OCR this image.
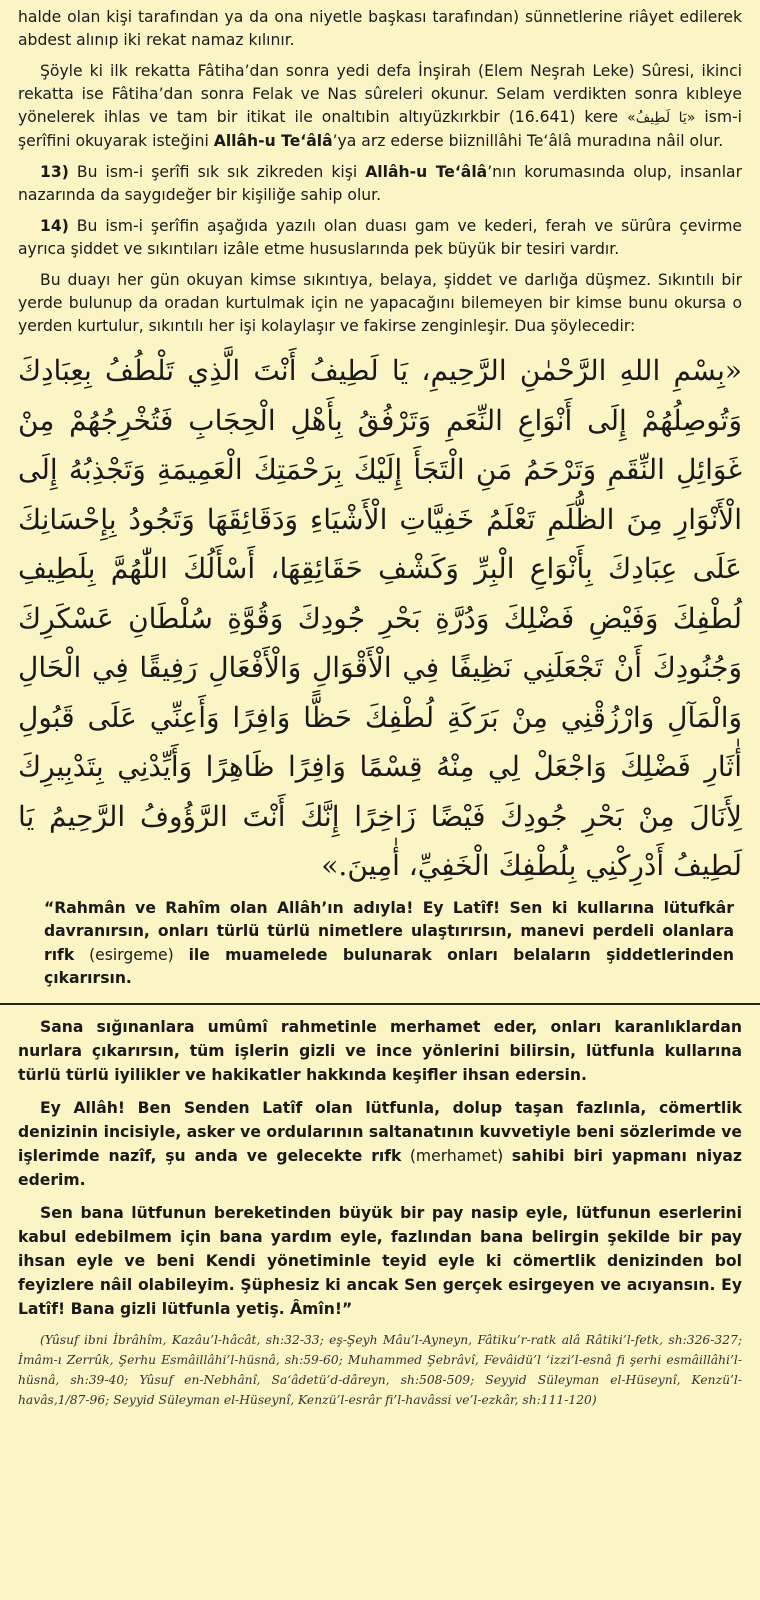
halde olan kişi tarafından ya da ona niyetle başkası tarafından) sünnetlerine riâyet edilerek abdest alınıp iki rekat namaz kılınır.

Şöyle ki ilk rekatta Fâtiha’dan sonra yedi defa İnşirah (Elem Neşrah Leke) Sûresi, ikinci rekatta ise Fâtiha’dan sonra Felak ve Nas sûreleri okunur. Selam verdikten sonra kıbleye yönelerek ihlas ve tam bir itikat ile onaltıbin altıyüzkırkbir (16.641) kere «يَا لَطِيفُ» ism-i şerîfini okuyarak isteğini Allâh-u Te‘âlâ’ya arz ederse biiznillâhi Te‘âlâ muradına nâil olur.

13) Bu ism-i şerîfi sık sık zikreden kişi Allâh-u Te‘âlâ’nın korumasında olup, insanlar nazarında da saygıdeğer bir kişiliğe sahip olur.

14) Bu ism-i şerîfin aşağıda yazılı olan duası gam ve kederi, ferah ve sürûra çevirme ayrıca şiddet ve sıkıntıları izâle etme hususlarında pek büyük bir tesiri vardır.

Bu duayı her gün okuyan kimse sıkıntıya, belaya, şiddet ve darlığa düşmez. Sıkıntılı bir yerde bulunup da oradan kurtulmak için ne yapacağını bilemeyen bir kimse bunu okursa o yerden kurtulur, sıkıntılı her işi kolaylaşır ve fakirse zenginleşir. Dua şöylecedir:

«بِسْمِ اللهِ الرَّحْمٰنِ الرَّحِيمِ، يَا لَطِيفُ أَنْتَ الَّذِي تَلْطُفُ بِعِبَادِكَ وَتُوصِلُهُمْ إِلَى أَنْوَاعِ النِّعَمِ وَتَرْفُقُ بِأَهْلِ الْحِجَابِ فَتُخْرِجُهُمْ مِنْ غَوَائِلِ النِّقَمِ وَتَرْحَمُ مَنِ الْتَجَأَ إِلَيْكَ بِرَحْمَتِكَ الْعَمِيمَةِ وَتَجْذِبُهُ إِلَى الْأَنْوَارِ مِنَ الظُّلَمِ تَعْلَمُ خَفِيَّاتِ الْأَشْيَاءِ وَدَقَائِقَهَا وَتَجُودُ بِإِحْسَانِكَ عَلَى عِبَادِكَ بِأَنْوَاعِ الْبِرِّ وَكَشْفِ حَقَائِقِهَا، أَسْأَلُكَ اللّٰهُمَّ بِلَطِيفِ لُطْفِكَ وَفَيْضِ فَضْلِكَ وَدُرَّةِ بَحْرِ جُودِكَ وَقُوَّةِ سُلْطَانِ عَسْكَرِكَ وَجُنُودِكَ أَنْ تَجْعَلَنِي نَظِيفًا فِي الْأَقْوَالِ وَالْأَفْعَالِ رَفِيقًا فِي الْحَالِ وَالْمَآلِ وَارْزُقْنِي مِنْ بَرَكَةِ لُطْفِكَ حَظًّا وَافِرًا وَأَعِنِّي عَلَى قَبُولِ أٰثَارِ فَضْلِكَ وَاجْعَلْ لِي مِنْهُ قِسْمًا وَافِرًا ظَاهِرًا وَأَيِّدْنِي بِتَدْبِيرِكَ لِأَنَالَ مِنْ بَحْرِ جُودِكَ فَيْضًا زَاخِرًا إِنَّكَ أَنْتَ الرَّؤُوفُ الرَّحِيمُ يَا لَطِيفُ أَدْرِكْنِي بِلُطْفِكَ الْخَفِيِّ، أٰمِينَ.»

“Rahmân ve Rahîm olan Allâh’ın adıyla! Ey Latîf! Sen ki kullarına lütufkâr davranırsın, onları türlü türlü nimetlere ulaştırırsın, manevi perdeli olanlara rıfk (esirgeme) ile muamelede bulunarak onları belaların şiddetlerinden çıkarırsın.

Sana sığınanlara umûmî rahmetinle merhamet eder, onları karanlıklardan nurlara çıkarırsın, tüm işlerin gizli ve ince yönlerini bilirsin, lütfunla kullarına türlü türlü iyilikler ve hakikatler hakkında keşifler ihsan edersin.

Ey Allâh! Ben Senden Latîf olan lütfunla, dolup taşan fazlınla, cömertlik denizinin incisiyle, asker ve ordularının saltanatının kuvvetiyle beni sözlerimde ve işlerimde nazîf, şu anda ve gelecekte rıfk (merhamet) sahibi biri yapmanı niyaz ederim.

Sen bana lütfunun bereketinden büyük bir pay nasip eyle, lütfunun eserlerini kabul edebilmem için bana yardım eyle, fazlından bana belirgin şekilde bir pay ihsan eyle ve beni Kendi yönetiminle teyid eyle ki cömertlik denizinden bol feyizlere nâil olabileyim. Şüphesiz ki ancak Sen gerçek esirgeyen ve acıyansın. Ey Latîf! Bana gizli lütfunla yetiş. Âmîn!”

(Yûsuf ibni İbrâhîm, Kazâu’l-hâcât, sh:32-33; eş-Şeyh Mâu’l-Ayneyn, Fâtiku’r-ratk alâ Râtiki’l-fetk, sh:326-327; İmâm-ı Zerrûk, Şerhu Esmâillâhi’l-hüsnâ, sh:59-60; Muhammed Şebrâvî, Fevâidü’l ‘izzi’l-esnâ fi şerhi esmâillâhi’l-hüsnâ, sh:39-40; Yûsuf en-Nebhânî, Sa‘âdetü’d-dâreyn, sh:508-509; Seyyid Süleyman el-Hüseynî, Kenzü’l-havâs,1/87-96; Seyyid Süleyman el-Hüseynî, Kenzü’l-esrâr fi’l-havâssi ve’l-ezkâr, sh:111-120)
